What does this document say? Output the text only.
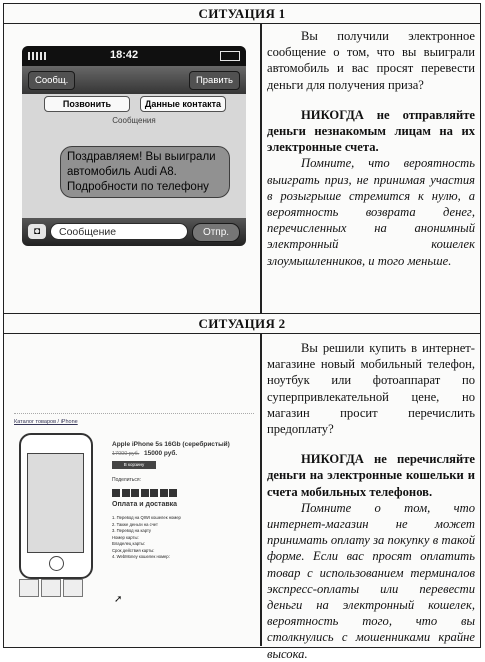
СИТУАЦИЯ 1
18:42
Сообщ.	Править
Позвонить	Данные контакта
Сообщения
Поздравляем! Вы выиграли автомобиль Audi A8. Подробности по телефону
◘	Сообщение	Отпр.

Вы получили электронное сообщение о том, что вы выиграли автомобиль и вас просят перевести деньги для получения приза?

НИКОГДА не отправляйте деньги незнакомым лицам на их электронные счета.

Помните, что вероятность выиграть приз, не принимая участия в розыгрыше стремится к нулю, а вероятность возврата денег, перечисленных на анонимный электронный кошелек злоумышленников, и того меньше.

СИТУАЦИЯ 2
Каталог товаров / iPhone
Apple iPhone 5s 16Gb (серебристый)
17000 руб. 15000 руб.
В корзину
Поделиться:
Оплата и доставка
1. Перевод на QIWI кошелек номер
2. Также деньги на счет
3. Перевод на карту
Номер карты:
Владелец карты:
Срок действия карты:
4. WebMoney кошелек номер:
➚

Вы решили купить в интернет-магазине новый мобильный телефон, ноутбук или фотоаппарат по суперпривлекательной цене, но магазин просит перечислить предоплату?

НИКОГДА не перечисляйте деньги на электронные кошельки и счета мобильных телефонов.

Помните о том, что интернет-магазин не может принимать оплату за покупку в такой форме. Если вас просят оплатить товар с использованием терминалов экспресс-оплаты или перевести деньги на электронный кошелек, вероятность того, что вы столкнулись с мошенниками крайне высока.
